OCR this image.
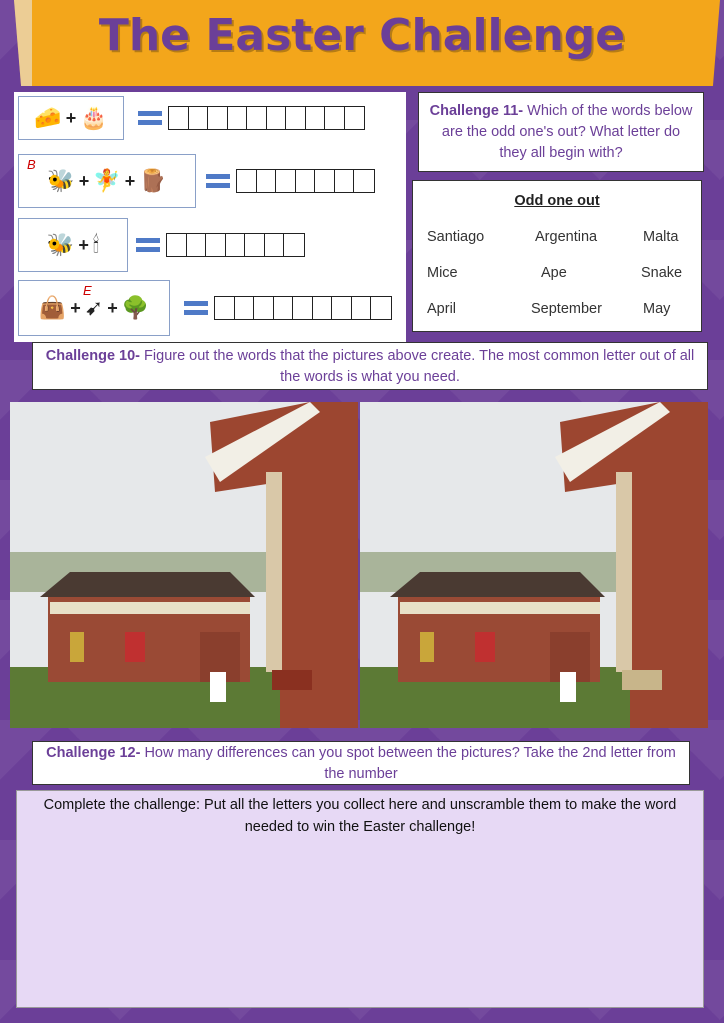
The Easter Challenge
🧀 + 🎂
B
🐝 + 🧚 + 🪵
🐝 + 🕯
E
👜 + ➹ + 🌳
Challenge 11- Which of the words below are the odd one's out? What letter do they all begin with?
Odd one out
Santiago	Argentina	Malta
Mice	Ape	Snake
April	September	May
Challenge 10- Figure out the words that the pictures above create. The most common letter out of all the words is what you need.
Challenge 12- How many differences can you spot between the pictures? Take the 2nd letter from the number
Complete the challenge: Put all the letters you collect here and unscramble them to make the word needed to win the Easter challenge!
